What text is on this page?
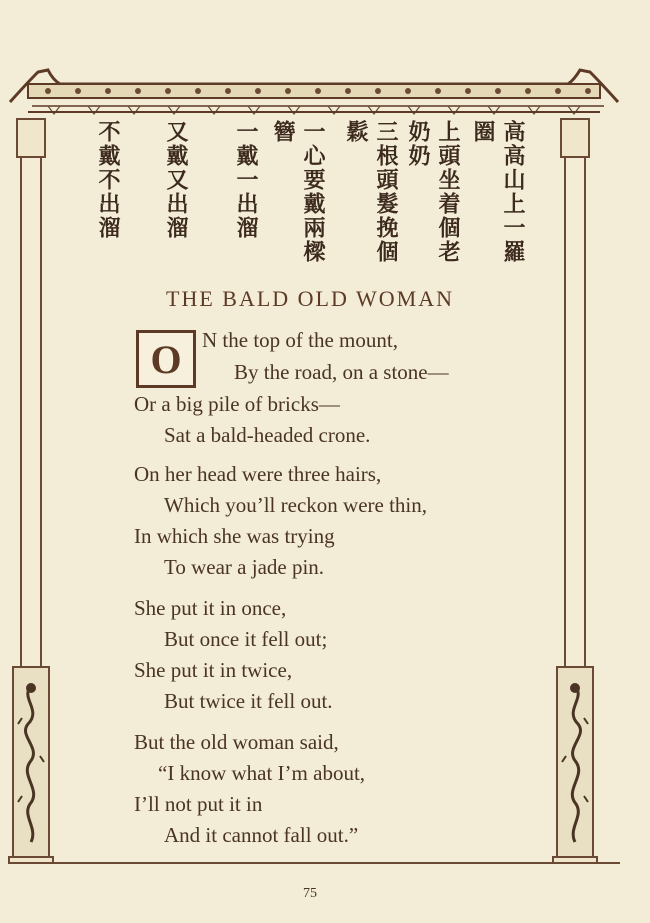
高高山上一羅圈
上頭坐着個老奶奶
三根頭髮挽個鬏
一心要戴兩樑簪
一戴一出溜
又戴又出溜
不戴不出溜
THE BALD OLD WOMAN
O N the top of the mount,
By the road, on a stone—
Or a big pile of bricks—
Sat a bald-headed crone.
On her head were three hairs,
Which you’ll reckon were thin,
In which she was trying
To wear a jade pin.
She put it in once,
But once it fell out;
She put it in twice,
But twice it fell out.
But the old woman said,
“I know what I’m about,
I’ll not put it in
And it cannot fall out.”
75
